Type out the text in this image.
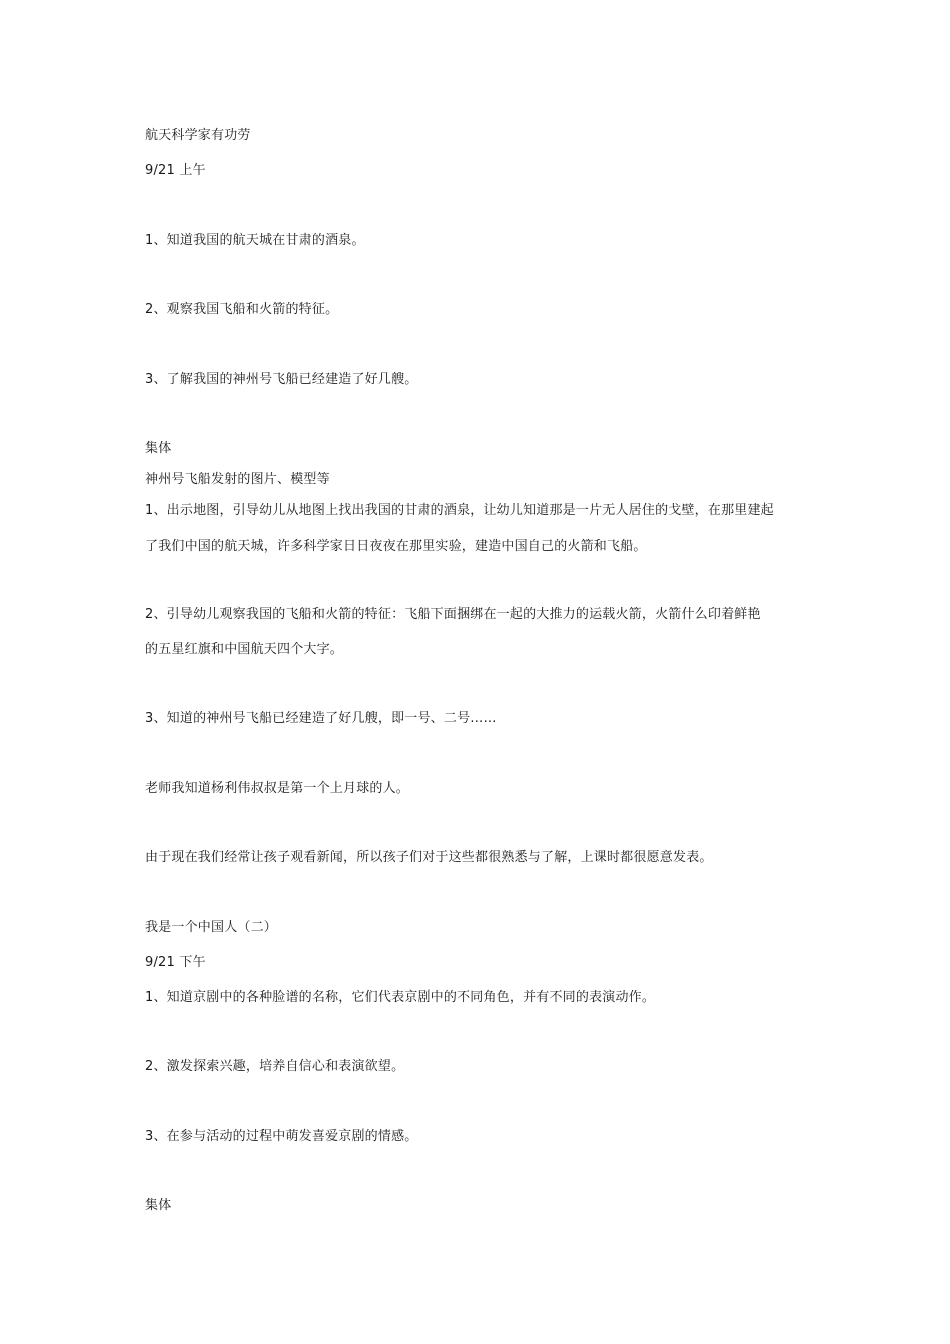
航天科学家有功劳
9/21 上午
1、知道我国的航天城在甘肃的酒泉。
2、观察我国飞船和火箭的特征。
3、了解我国的神州号飞船已经建造了好几艘。
集体
神州号飞船发射的图片、模型等
1、出示地图，引导幼儿从地图上找出我国的甘肃的酒泉，让幼儿知道那是一片无人居住的戈壁，在那里建起
了我们中国的航天城，许多科学家日日夜夜在那里实验，建造中国自己的火箭和飞船。
2、引导幼儿观察我国的飞船和火箭的特征：飞船下面捆绑在一起的大推力的运载火箭，火箭什么印着鲜艳
的五星红旗和中国航天四个大字。
3、知道的神州号飞船已经建造了好几艘，即一号、二号……
老师我知道杨利伟叔叔是第一个上月球的人。
由于现在我们经常让孩子观看新闻，所以孩子们对于这些都很熟悉与了解，上课时都很愿意发表。
我是一个中国人（二）
9/21 下午
1、知道京剧中的各种脸谱的名称，它们代表京剧中的不同角色，并有不同的表演动作。
2、激发探索兴趣，培养自信心和表演欲望。
3、在参与活动的过程中萌发喜爱京剧的情感。
集体
